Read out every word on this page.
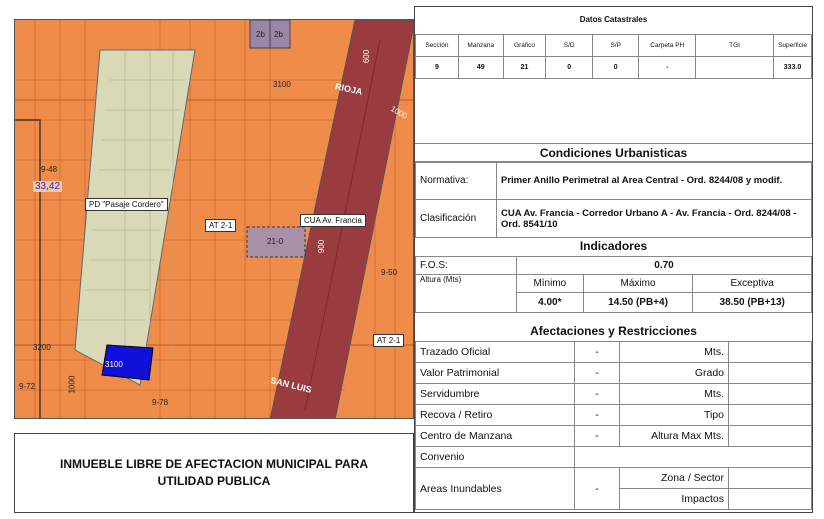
3100	RIOJA
1000
600
900
9-48
33,42
PD "Pasaje Cordero"
AT 2-1
CUA Av. Francia
21-0
9-50
AT 2-1
3200
3100
9-72	1000	SAN LUIS
9-78
2b 2b
INMUEBLE LIBRE DE AFECTACION MUNICIPAL PARA UTILIDAD PUBLICA
Datos Catastrales
Sección	Manzana	Gráfico	S/D	S/P	Carpeta PH	TGI	Superficie
9	49	21	0	0	-		333.0
Condiciones Urbanisticas
Normativa:	Primer Anillo Perimetral al Area Central - Ord. 8244/08 y modif.
Clasificación	CUA Av. Francia - Corredor Urbano A - Av. Francia - Ord. 8244/08 - Ord. 8541/10
Indicadores
F.O.S:	0.70		
Altura (Mts)	Mínimo	Máximo	Exceptiva
	4.00*	14.50 (PB+4)	38.50 (PB+13)
Afectaciones y Restricciones
Trazado Oficial	-	Mts.	
Valor Patrimonial	-	Grado	
Servidumbre	-	Mts.	
Recova / Retiro	-	Tipo	
Centro de Manzana	-	Altura Max Mts.	
Convenio			
Areas Inundables	-	Zona / Sector	
		Impactos	
